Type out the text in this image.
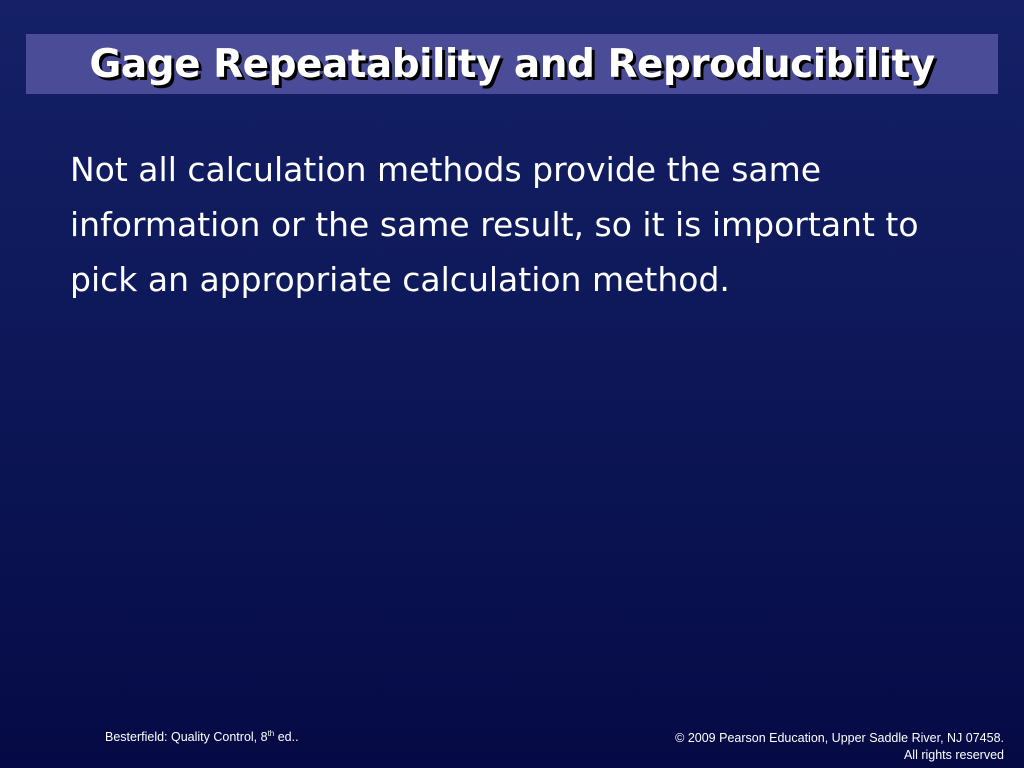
Gage Repeatability and Reproducibility

Not all calculation methods provide the same information or the same result, so it is important to pick an appropriate calculation method.

Besterfield: Quality Control, 8th ed..	© 2009 Pearson Education, Upper Saddle River, NJ 07458.
All rights reserved
